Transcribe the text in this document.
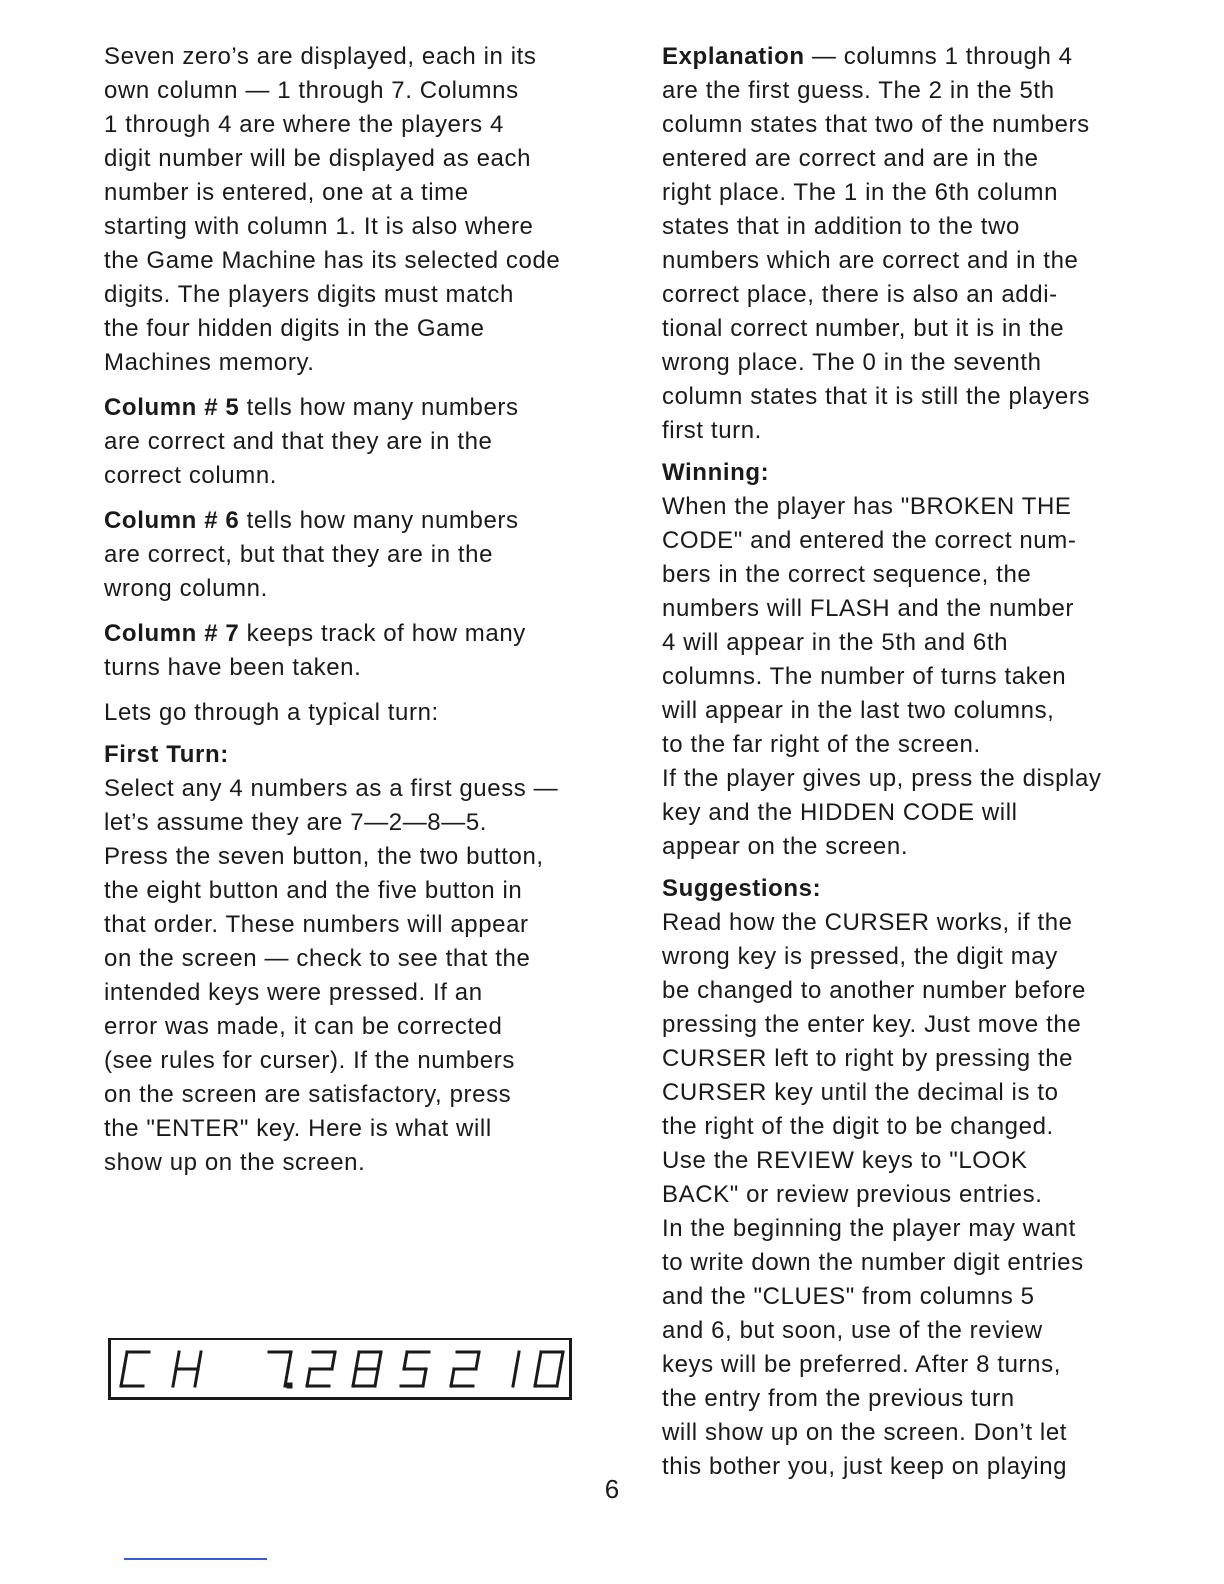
Seven zero’s are displayed, each in its
own column — 1 through 7. Columns
1 through 4 are where the players 4
digit number will be displayed as each
number is entered, one at a time
starting with column 1. It is also where
the Game Machine has its selected code
digits. The players digits must match
the four hidden digits in the Game
Machines memory.

Column # 5 tells how many numbers
are correct and that they are in the
correct column.

Column # 6 tells how many numbers
are correct, but that they are in the
wrong column.

Column # 7 keeps track of how many
turns have been taken.

Lets go through a typical turn:

First Turn:

Select any 4 numbers as a first guess —
let’s assume they are 7—2—8—5.
Press the seven button, the two button,
the eight button and the five button in
that order. These numbers will appear
on the screen — check to see that the
intended keys were pressed. If an
error was made, it can be corrected
(see rules for curser). If the numbers
on the screen are satisfactory, press
the "ENTER" key. Here is what will
show up on the screen.

Explanation — columns 1 through 4
are the first guess. The 2 in the 5th
column states that two of the numbers
entered are correct and are in the
right place. The 1 in the 6th column
states that in addition to the two
numbers which are correct and in the
correct place, there is also an addi-
tional correct number, but it is in the
wrong place. The 0 in the seventh
column states that it is still the players
first turn.

Winning:

When the player has "BROKEN THE
CODE" and entered the correct num-
bers in the correct sequence, the
numbers will FLASH and the number
4 will appear in the 5th and 6th
columns. The number of turns taken
will appear in the last two columns,
to the far right of the screen.
If the player gives up, press the display
key and the HIDDEN CODE will
appear on the screen.

Suggestions:

Read how the CURSER works, if the
wrong key is pressed, the digit may
be changed to another number before
pressing the enter key. Just move the
CURSER left to right by pressing the
CURSER key until the decimal is to
the right of the digit to be changed.
Use the REVIEW keys to "LOOK
BACK" or review previous entries.
In the beginning the player may want
to write down the number digit entries
and the "CLUES" from columns 5
and 6, but soon, use of the review
keys will be preferred. After 8 turns,
the entry from the previous turn
will show up on the screen. Don’t let
this bother you, just keep on playing

6
